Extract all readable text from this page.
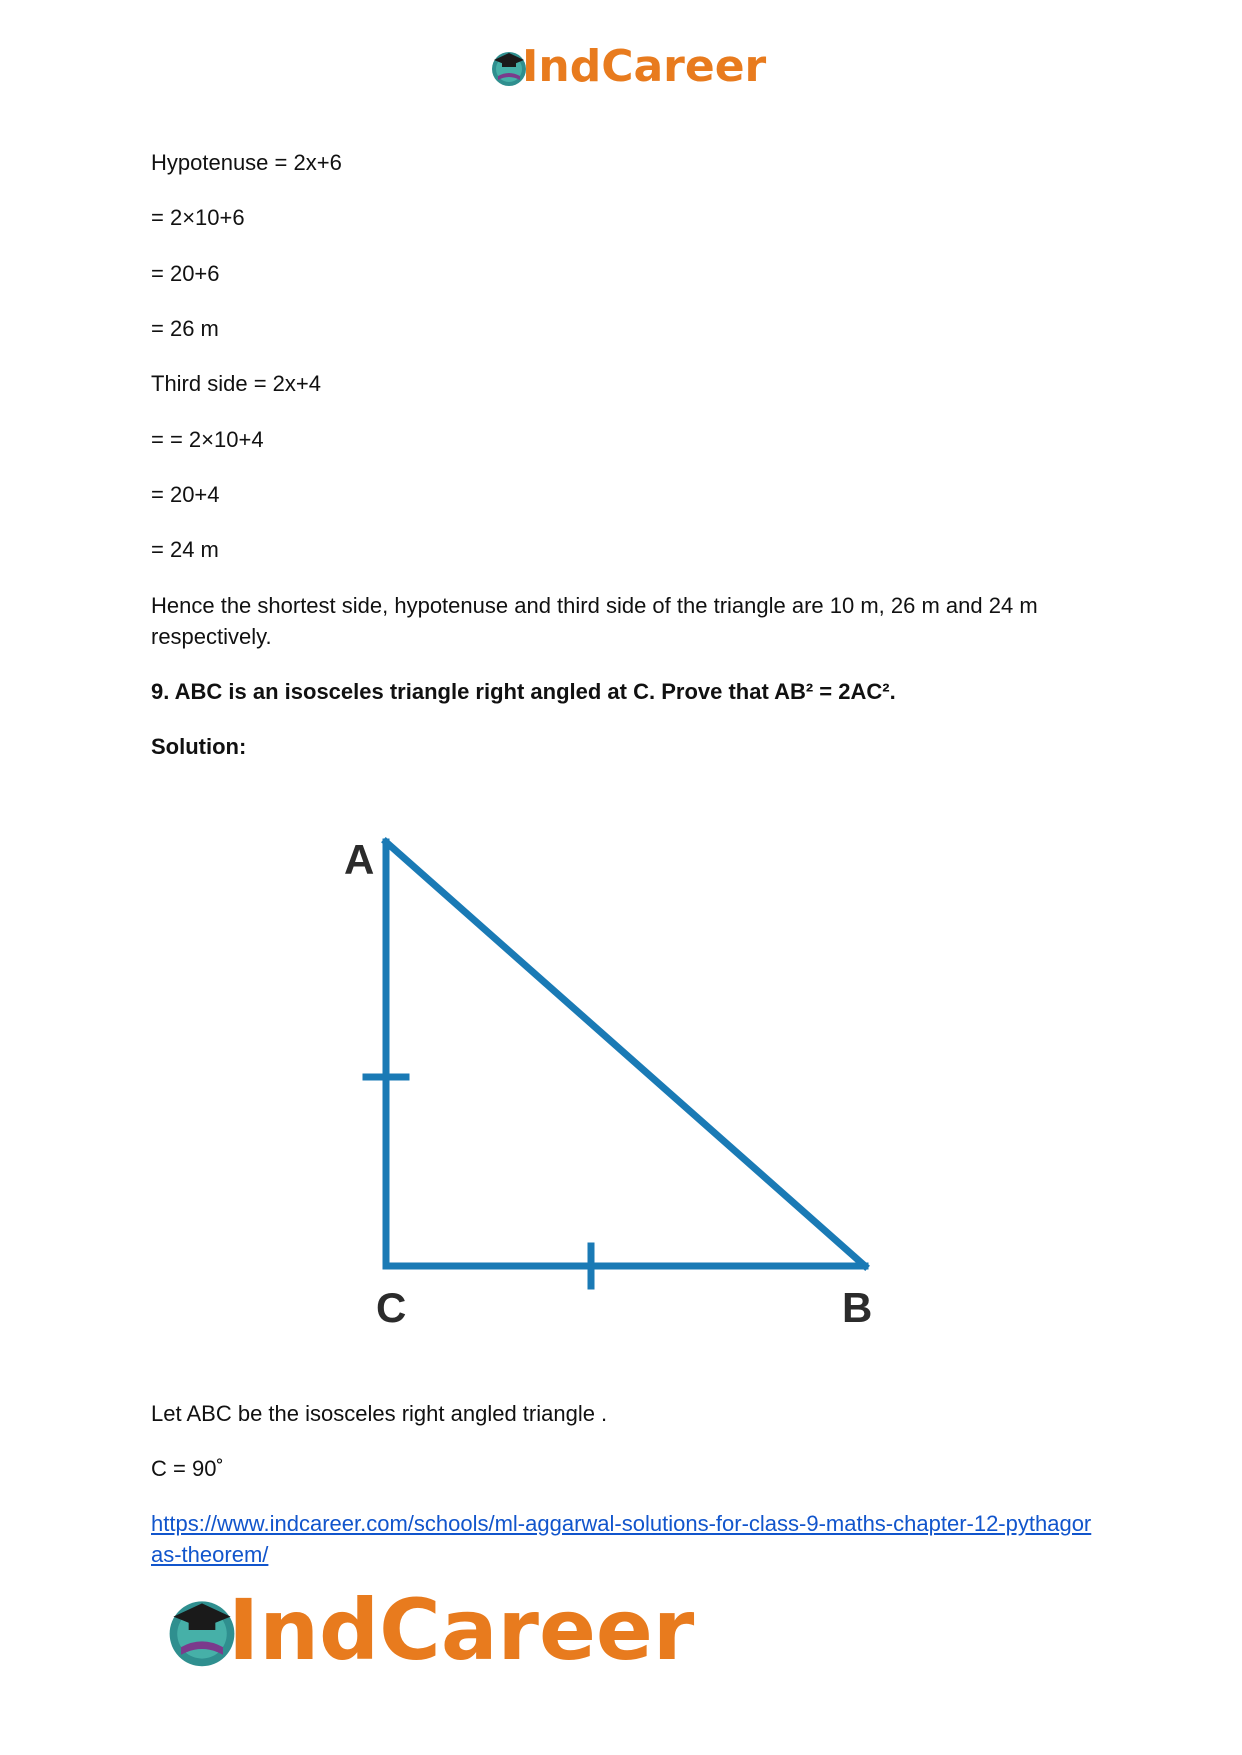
IndCareer
Hypotenuse = 2x+6
= 2×10+6
= 20+6
= 26 m
Third side = 2x+4
= = 2×10+4
= 20+4
= 24 m
Hence the shortest side, hypotenuse and third side of the triangle are 10 m, 26 m and 24 m respectively.
9. ABC is an isosceles triangle right angled at C. Prove that AB² = 2AC².
Solution:
Let ABC be the isosceles right angled triangle .
C = 90˚
https://www.indcareer.com/schools/ml-aggarwal-solutions-for-class-9-maths-chapter-12-pythagoras-theorem/
A
C	B
IndCareer
